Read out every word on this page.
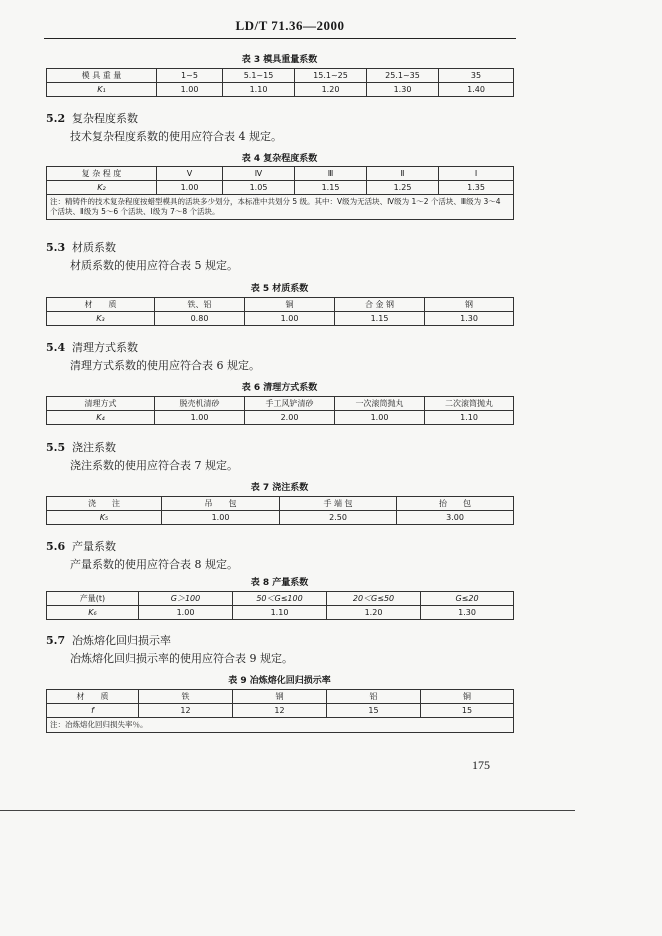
LD/T 71.36—2000
表 3 模具重量系数
模 具 重 量	1~5	5.1~15	15.1~25	25.1~35	35
K₁	1.00	1.10	1.20	1.30	1.40
5.2 复杂程度系数
技术复杂程度系数的使用应符合表 4 规定。
表 4 复杂程度系数
复 杂 程 度	Ⅴ	Ⅳ	Ⅲ	Ⅱ	Ⅰ
K₂	1.00	1.05	1.15	1.25	1.35
注：精铸件的技术复杂程度按蜡型模具的活块多少划分，本标准中共划分 5 级。其中：Ⅴ级为无活块、Ⅳ级为 1～2 个活块、Ⅲ级为 3～4 个活块、Ⅱ级为 5～6 个活块、Ⅰ级为 7～8 个活块。					
5.3 材质系数
材质系数的使用应符合表 5 规定。
表 5 材质系数
材　　质	铁、铝	铜	合 金 钢	钢
K₃	0.80	1.00	1.15	1.30
5.4 清理方式系数
清理方式系数的使用应符合表 6 规定。
表 6 清理方式系数
清理方式	脱壳机清砂	手工风铲清砂	一次滚筒抛丸	二次滚筒抛丸
K₄	1.00	2.00	1.00	1.10
5.5 浇注系数
浇注系数的使用应符合表 7 规定。
表 7 浇注系数
浇　　注	吊　　包	手 端 包	抬　　包
K₅	1.00	2.50	3.00
5.6 产量系数
产量系数的使用应符合表 8 规定。
表 8 产量系数
产量(t)	G＞100	50＜G≤100	20＜G≤50	G≤20
K₆	1.00	1.10	1.20	1.30
5.7 冶炼熔化回归损示率
冶炼熔化回归损示率的使用应符合表 9 规定。
表 9 冶炼熔化回归损示率
材　　质	铁	钢	铝	铜
f	12	12	15	15
注：冶炼熔化回归损失率％。				
175
